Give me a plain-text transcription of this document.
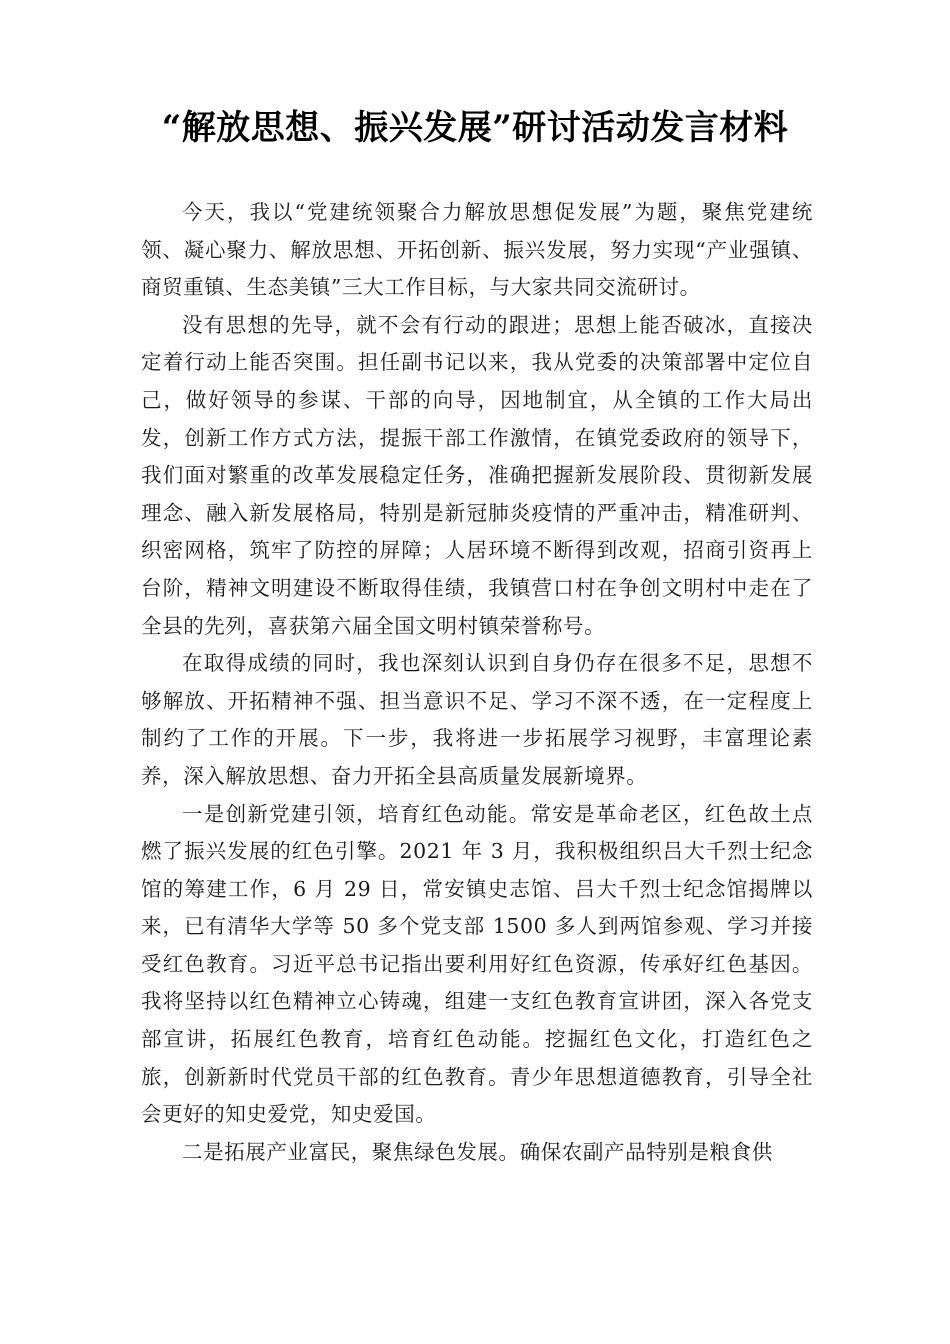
“解放思想、振兴发展”研讨活动发言材料

今天，我以“党建统领聚合力解放思想促发展”为题，聚焦党建统领、凝心聚力、解放思想、开拓创新、振兴发展，努力实现“产业强镇、商贸重镇、生态美镇”三大工作目标，与大家共同交流研讨。

没有思想的先导，就不会有行动的跟进；思想上能否破冰，直接决定着行动上能否突围。担任副书记以来，我从党委的决策部署中定位自己，做好领导的参谋、干部的向导，因地制宜，从全镇的工作大局出发，创新工作方式方法，提振干部工作激情，在镇党委政府的领导下，我们面对繁重的改革发展稳定任务，准确把握新发展阶段、贯彻新发展理念、融入新发展格局，特别是新冠肺炎疫情的严重冲击，精准研判、织密网格，筑牢了防控的屏障；人居环境不断得到改观，招商引资再上台阶，精神文明建设不断取得佳绩，我镇营口村在争创文明村中走在了全县的先列，喜获第六届全国文明村镇荣誉称号。

在取得成绩的同时，我也深刻认识到自身仍存在很多不足，思想不够解放、开拓精神不强、担当意识不足、学习不深不透，在一定程度上制约了工作的开展。下一步，我将进一步拓展学习视野，丰富理论素养，深入解放思想、奋力开拓全县高质量发展新境界。

一是创新党建引领，培育红色动能。常安是革命老区，红色故土点燃了振兴发展的红色引擎。2021 年 3 月，我积极组织吕大千烈士纪念馆的筹建工作，6 月 29 日，常安镇史志馆、吕大千烈士纪念馆揭牌以来，已有清华大学等 50 多个党支部 1500 多人到两馆参观、学习并接受红色教育。习近平总书记指出要利用好红色资源，传承好红色基因。我将坚持以红色精神立心铸魂，组建一支红色教育宣讲团，深入各党支部宣讲，拓展红色教育，培育红色动能。挖掘红色文化，打造红色之旅，创新新时代党员干部的红色教育。青少年思想道德教育，引导全社会更好的知史爱党，知史爱国。

二是拓展产业富民，聚焦绿色发展。确保农副产品特别是粮食供
